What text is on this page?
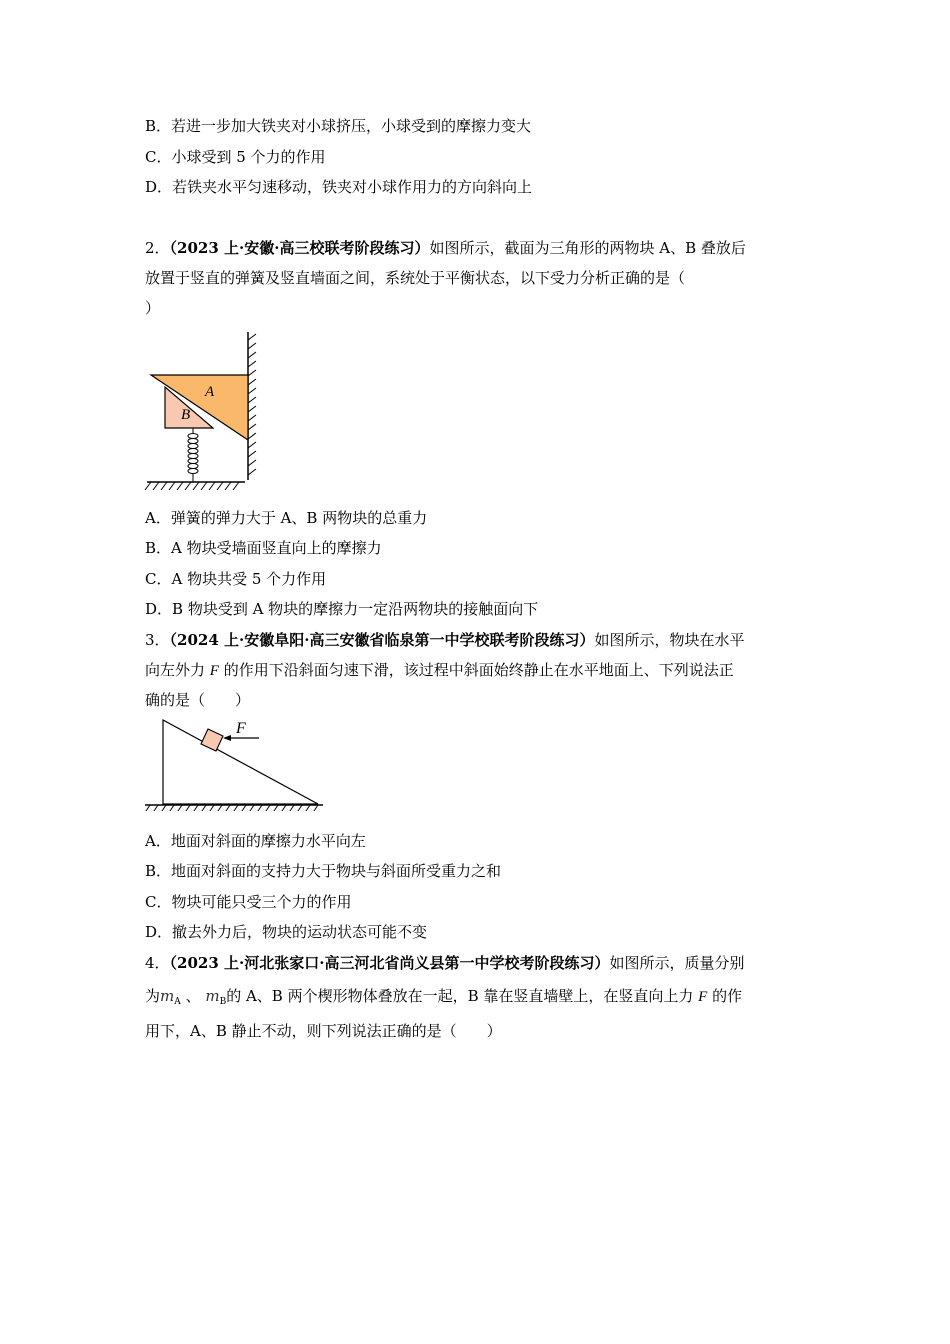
B．若进一步加大铁夹对小球挤压，小球受到的摩擦力变大
C．小球受到 5 个力的作用
D．若铁夹水平匀速移动，铁夹对小球作用力的方向斜向上
2．（2023 上·安徽·高三校联考阶段练习）如图所示，截面为三角形的两物块 A、B 叠放后
放置于竖直的弹簧及竖直墙面之间，系统处于平衡状态，以下受力分析正确的是（
）
A
B
A．弹簧的弹力大于 A、B 两物块的总重力
B．A 物块受墙面竖直向上的摩擦力
C．A 物块共受 5 个力作用
D．B 物块受到 A 物块的摩擦力一定沿两物块的接触面向下
3．（2024 上·安徽阜阳·高三安徽省临泉第一中学校联考阶段练习）如图所示，物块在水平
向左外力 F 的作用下沿斜面匀速下滑，该过程中斜面始终静止在水平地面上、下列说法正
确的是（　　）
F
A．地面对斜面的摩擦力水平向左
B．地面对斜面的支持力大于物块与斜面所受重力之和
C．物块可能只受三个力的作用
D．撤去外力后，物块的运动状态可能不变
4．（2023 上·河北张家口·高三河北省尚义县第一中学校考阶段练习）如图所示，质量分别
为$m_A$ 、 $m_B$的 A、B 两个楔形物体叠放在一起，B 靠在竖直墙壁上，在竖直向上力 F 的作
用下，A、B 静止不动，则下列说法正确的是（　　）
